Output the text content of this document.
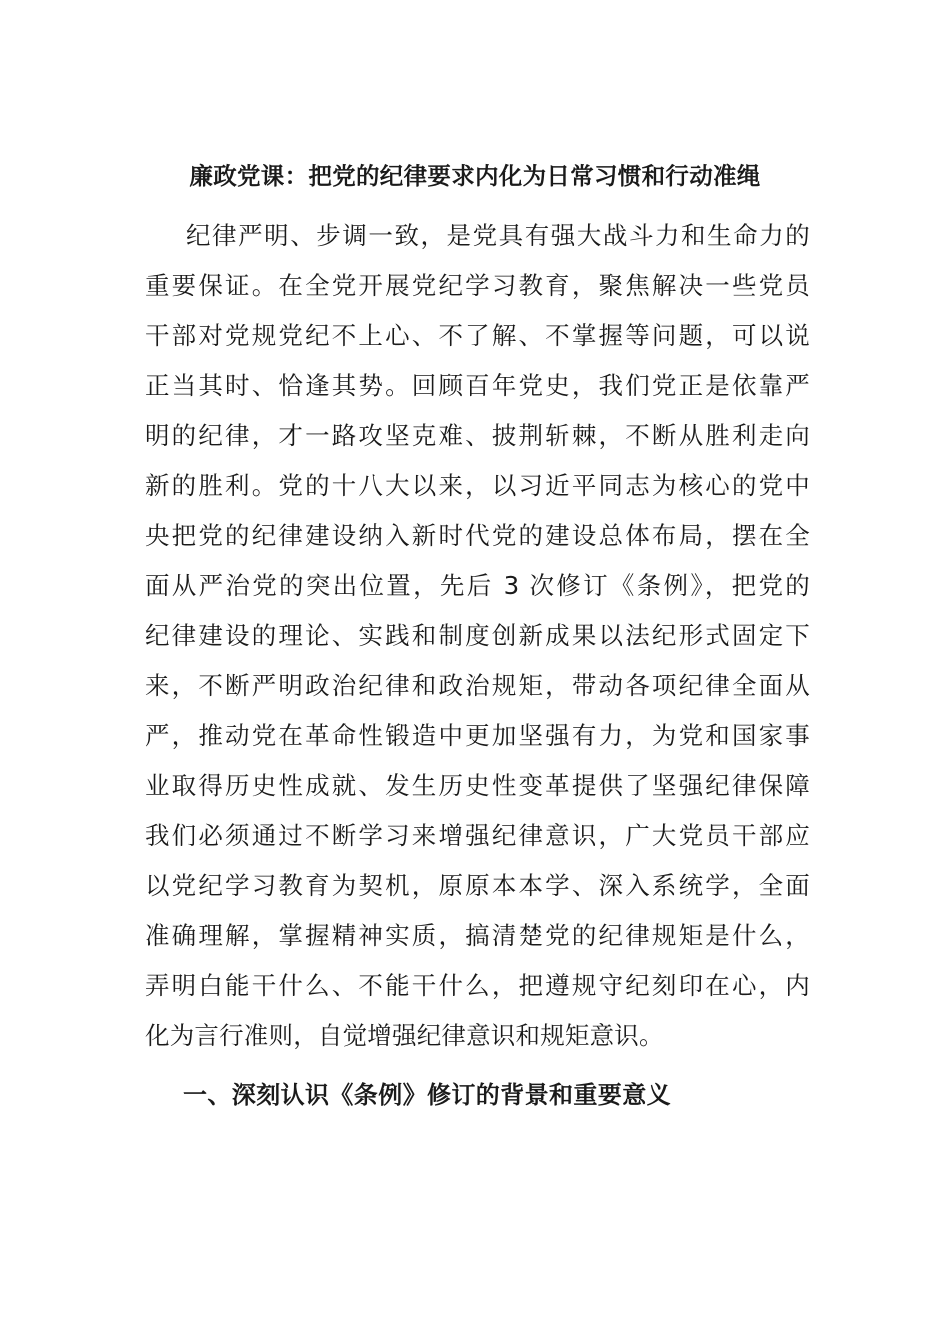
廉政党课：把党的纪律要求内化为日常习惯和行动准绳
纪律严明、步调一致，是党具有强大战斗力和生命力的
重要保证。在全党开展党纪学习教育，聚焦解决一些党员
干部对党规党纪不上心、不了解、不掌握等问题，可以说
正当其时、恰逢其势。回顾百年党史，我们党正是依靠严
明的纪律，才一路攻坚克难、披荆斩棘，不断从胜利走向
新的胜利。党的十八大以来，以习近平同志为核心的党中
央把党的纪律建设纳入新时代党的建设总体布局，摆在全
面从严治党的突出位置，先后 3 次修订《条例》，把党的
纪律建设的理论、实践和制度创新成果以法纪形式固定下
来，不断严明政治纪律和政治规矩，带动各项纪律全面从
严，推动党在革命性锻造中更加坚强有力，为党和国家事
业取得历史性成就、发生历史性变革提供了坚强纪律保障
我们必须通过不断学习来增强纪律意识，广大党员干部应
以党纪学习教育为契机，原原本本学、深入系统学，全面
准确理解，掌握精神实质，搞清楚党的纪律规矩是什么，
弄明白能干什么、不能干什么，把遵规守纪刻印在心，内
化为言行准则，自觉增强纪律意识和规矩意识。
一、深刻认识《条例》修订的背景和重要意义
